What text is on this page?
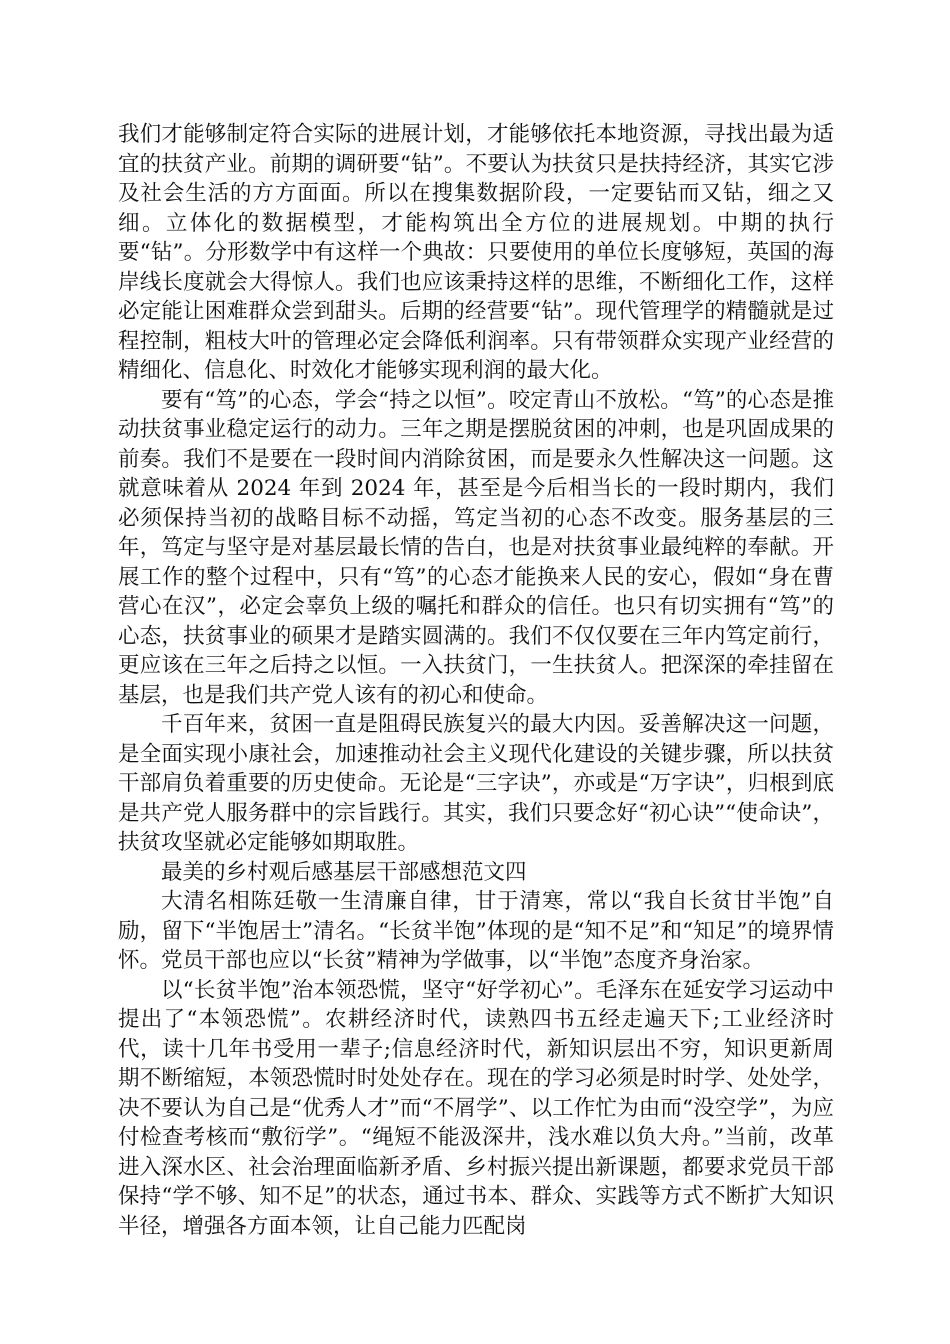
我们才能够制定符合实际的进展计划，才能够依托本地资源，寻找出最为适宜的扶贫产业。前期的调研要“钻”。不要认为扶贫只是扶持经济，其实它涉及社会生活的方方面面。所以在搜集数据阶段，一定要钻而又钻，细之又细。立体化的数据模型，才能构筑出全方位的进展规划。中期的执行要“钻”。分形数学中有这样一个典故：只要使用的单位长度够短，英国的海岸线长度就会大得惊人。我们也应该秉持这样的思维，不断细化工作，这样必定能让困难群众尝到甜头。后期的经营要“钻”。现代管理学的精髓就是过程控制，粗枝大叶的管理必定会降低利润率。只有带领群众实现产业经营的精细化、信息化、时效化才能够实现利润的最大化。

要有“笃”的心态，学会“持之以恒”。咬定青山不放松。“笃”的心态是推动扶贫事业稳定运行的动力。三年之期是摆脱贫困的冲刺，也是巩固成果的前奏。我们不是要在一段时间内消除贫困，而是要永久性解决这一问题。这就意味着从 2024 年到 2024 年，甚至是今后相当长的一段时期内，我们必须保持当初的战略目标不动摇，笃定当初的心态不改变。服务基层的三年，笃定与坚守是对基层最长情的告白，也是对扶贫事业最纯粹的奉献。开展工作的整个过程中，只有“笃”的心态才能换来人民的安心，假如“身在曹营心在汉”，必定会辜负上级的嘱托和群众的信任。也只有切实拥有“笃”的心态，扶贫事业的硕果才是踏实圆满的。我们不仅仅要在三年内笃定前行，更应该在三年之后持之以恒。一入扶贫门，一生扶贫人。把深深的牵挂留在基层，也是我们共产党人该有的初心和使命。

千百年来，贫困一直是阻碍民族复兴的最大内因。妥善解决这一问题，是全面实现小康社会，加速推动社会主义现代化建设的关键步骤，所以扶贫干部肩负着重要的历史使命。无论是“三字诀”，亦或是“万字诀”，归根到底是共产党人服务群中的宗旨践行。其实，我们只要念好“初心诀”“使命诀”，扶贫攻坚就必定能够如期取胜。

最美的乡村观后感基层干部感想范文四

大清名相陈廷敬一生清廉自律，甘于清寒，常以“我自长贫甘半饱”自励，留下“半饱居士”清名。“长贫半饱”体现的是“知不足”和“知足”的境界情怀。党员干部也应以“长贫”精神为学做事，以“半饱”态度齐身治家。

以“长贫半饱”治本领恐慌，坚守“好学初心”。毛泽东在延安学习运动中提出了“本领恐慌”。农耕经济时代，读熟四书五经走遍天下;工业经济时代，读十几年书受用一辈子;信息经济时代，新知识层出不穷，知识更新周期不断缩短，本领恐慌时时处处存在。现在的学习必须是时时学、处处学，决不要认为自己是“优秀人才”而“不屑学”、以工作忙为由而“没空学”，为应付检查考核而“敷衍学”。“绳短不能汲深井，浅水难以负大舟。”当前，改革进入深水区、社会治理面临新矛盾、乡村振兴提出新课题，都要求党员干部保持“学不够、知不足”的状态，通过书本、群众、实践等方式不断扩大知识半径，增强各方面本领，让自己能力匹配岗
